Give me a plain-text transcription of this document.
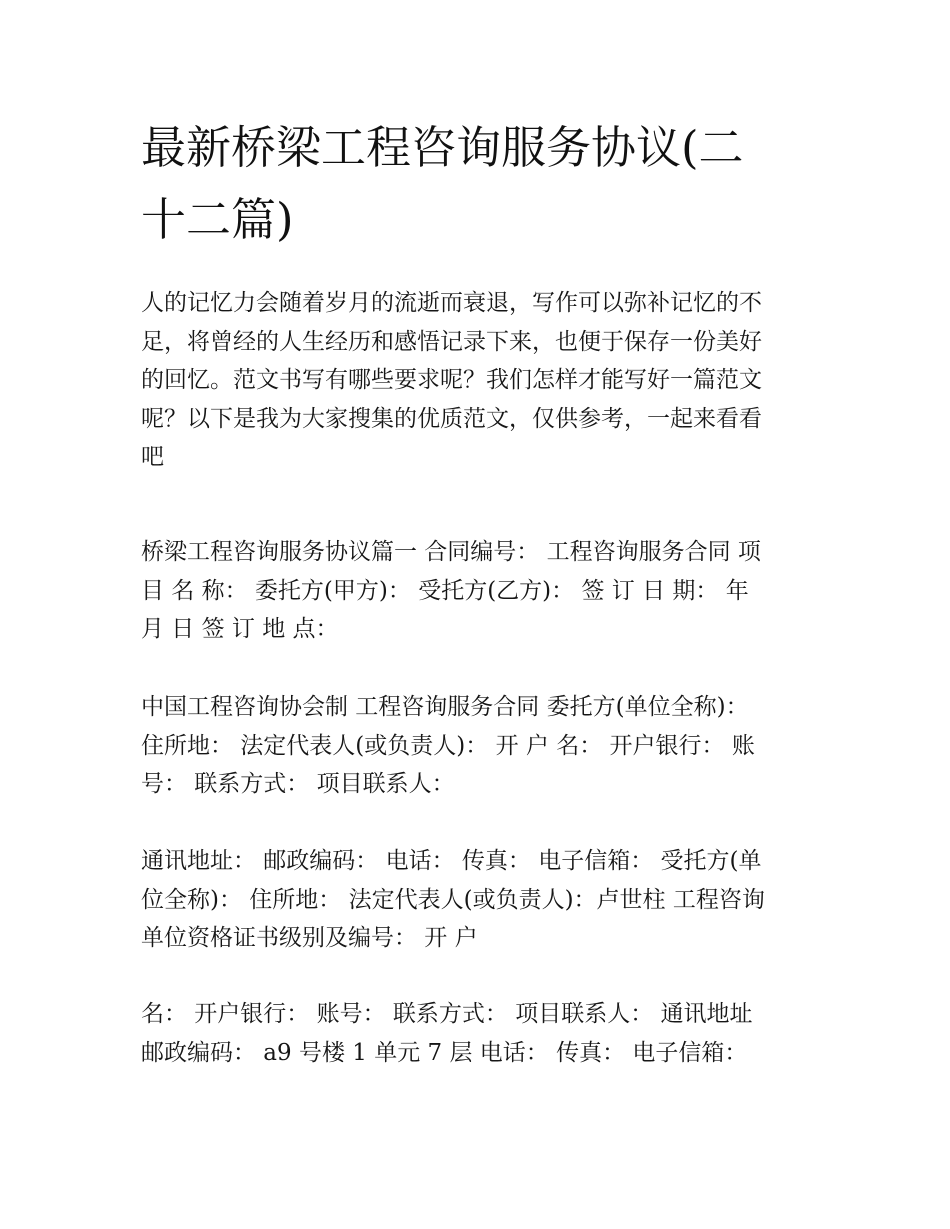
最新桥梁工程咨询服务协议(二
十二篇)

人的记忆力会随着岁月的流逝而衰退，写作可以弥补记忆的不
足，将曾经的人生经历和感悟记录下来，也便于保存一份美好
的回忆。范文书写有哪些要求呢？我们怎样才能写好一篇范文
呢？以下是我为大家搜集的优质范文，仅供参考，一起来看看
吧

桥梁工程咨询服务协议篇一 合同编号： 工程咨询服务合同 项
目 名 称： 委托方(甲方)： 受托方(乙方)： 签 订 日 期： 年
月 日 签 订 地 点：

中国工程咨询协会制 工程咨询服务合同 委托方(单位全称)：
住所地： 法定代表人(或负责人)： 开 户 名： 开户银行： 账
号： 联系方式： 项目联系人：

通讯地址： 邮政编码： 电话： 传真： 电子信箱： 受托方(单
位全称)： 住所地： 法定代表人(或负责人)：卢世柱 工程咨询
单位资格证书级别及编号： 开 户

名： 开户银行： 账号： 联系方式： 项目联系人： 通讯地址
邮政编码： a9 号楼 1 单元 7 层 电话： 传真： 电子信箱：
